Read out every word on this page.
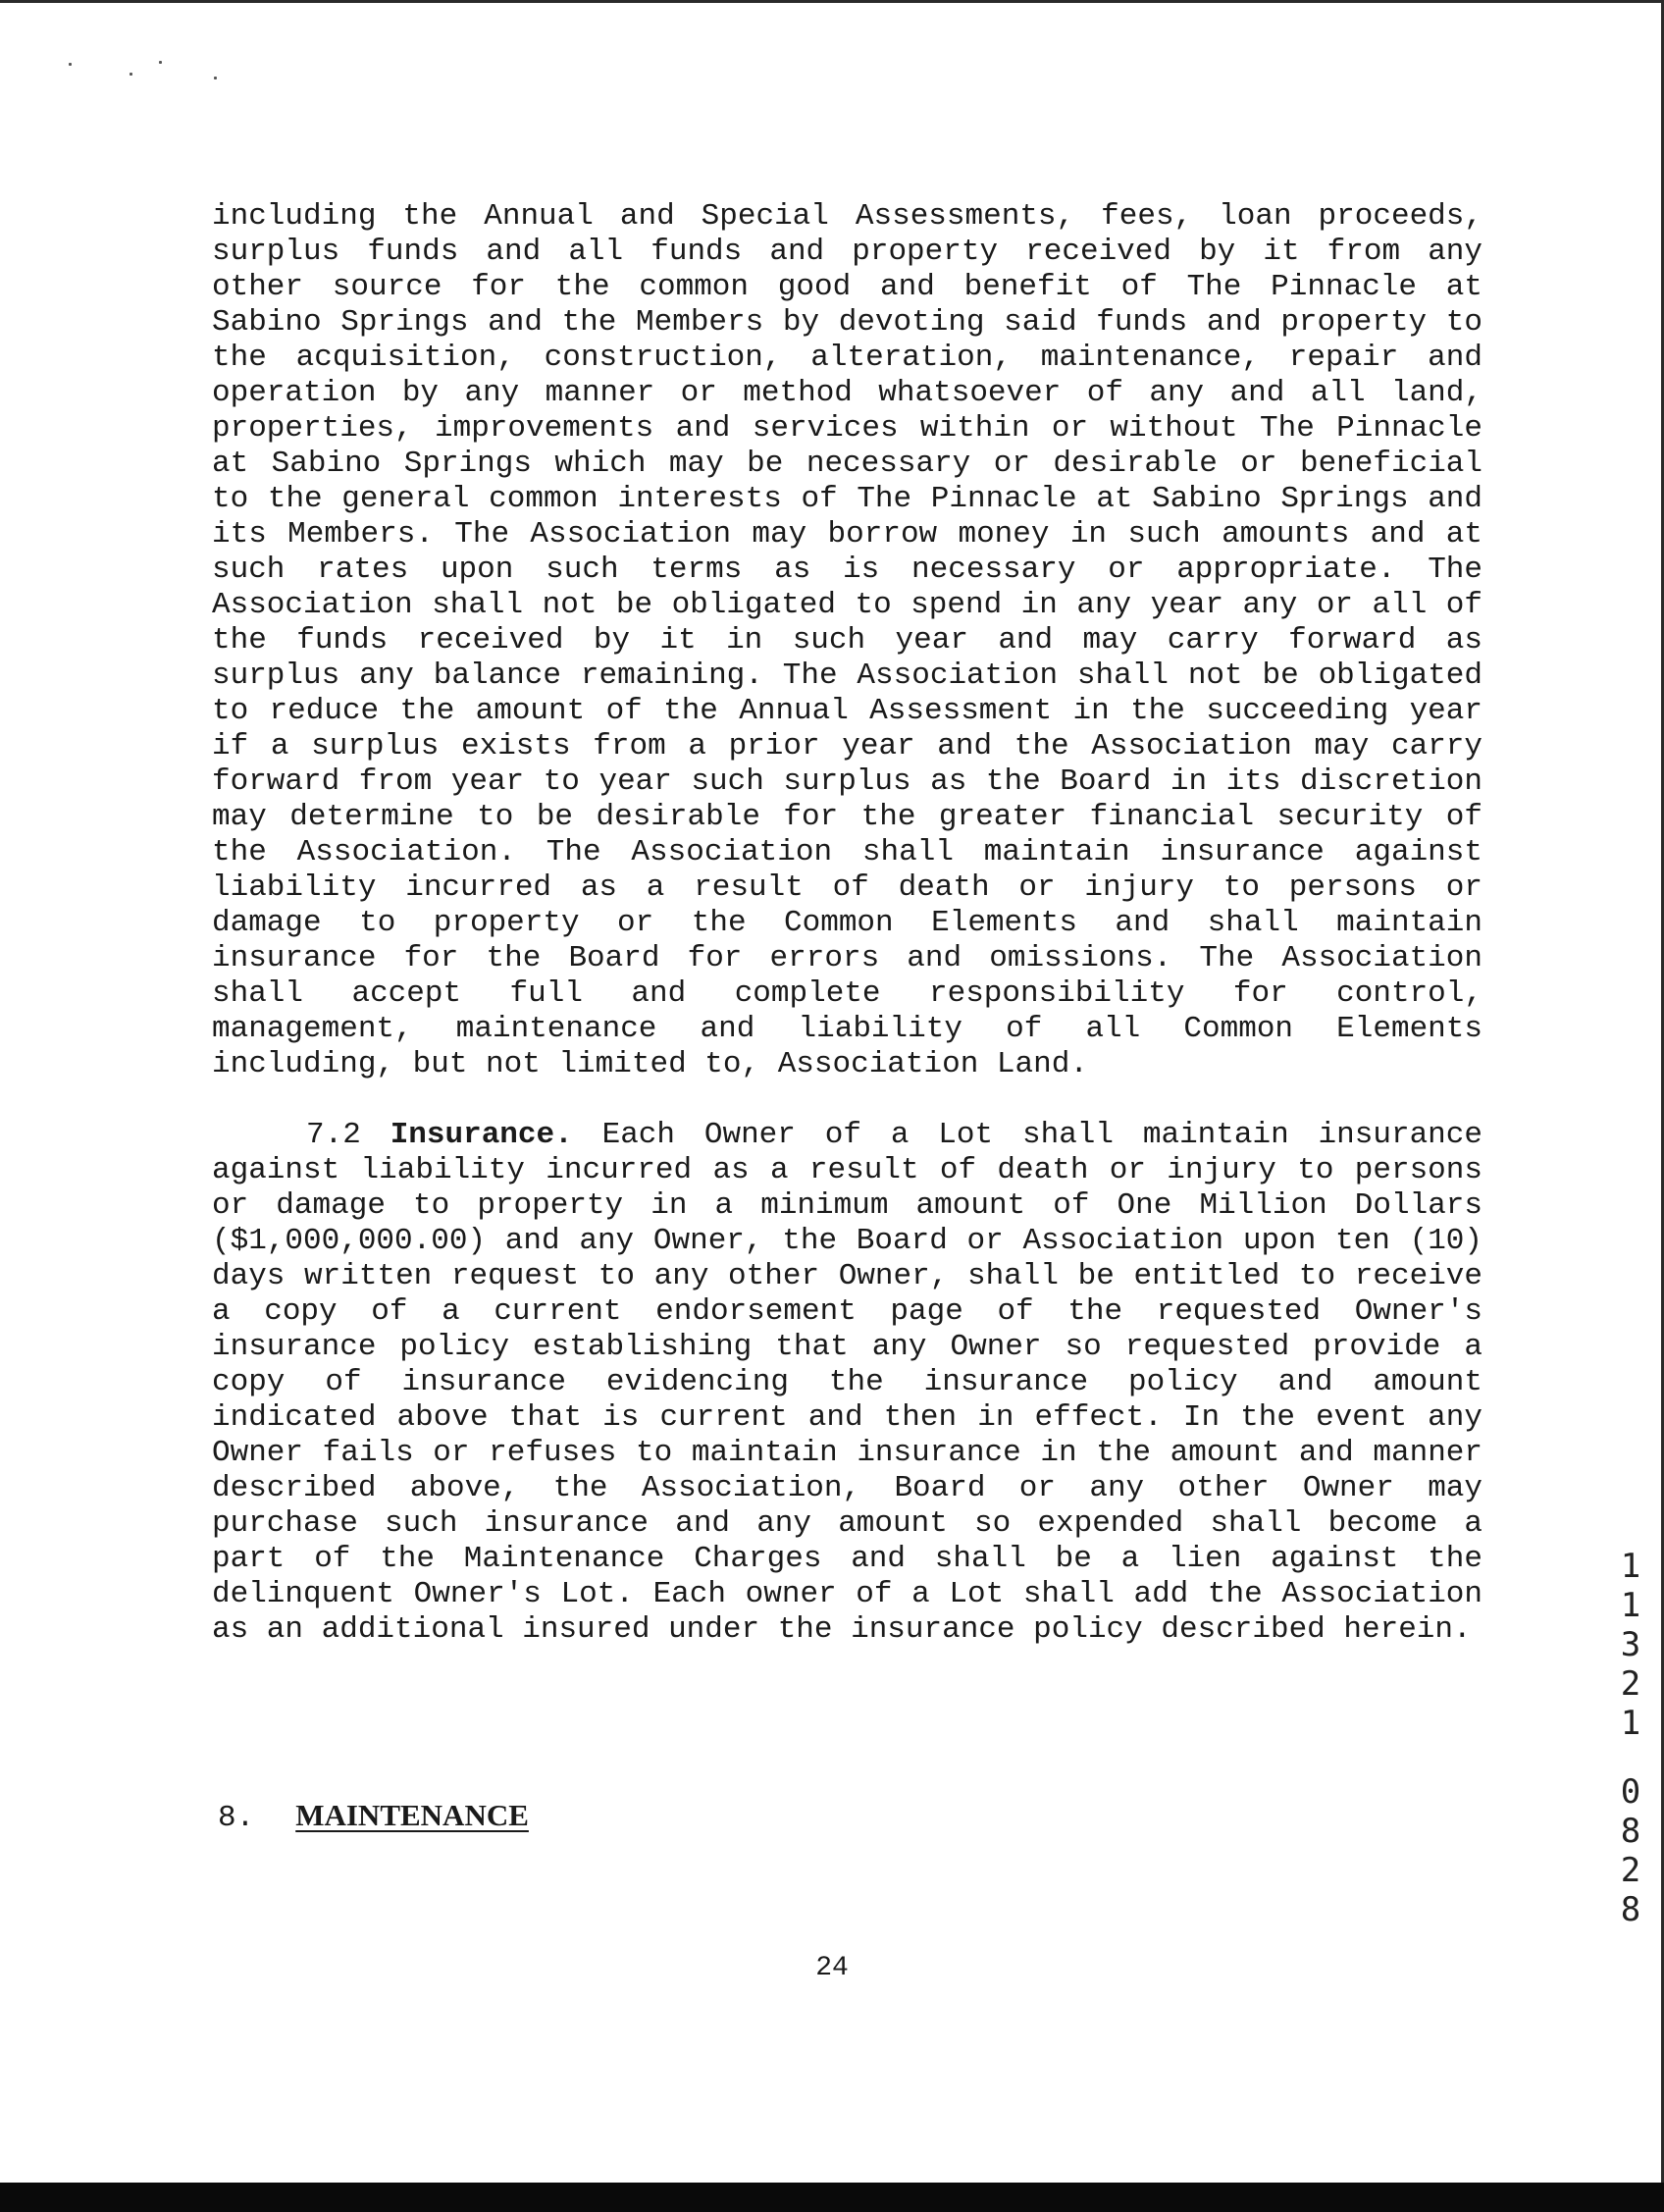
including the Annual and Special Assessments, fees, loan proceeds, surplus funds and all funds and property received by it from any other source for the common good and benefit of The Pinnacle at Sabino Springs and the Members by devoting said funds and property to the acquisition, construction, alteration, maintenance, repair and operation by any manner or method whatsoever of any and all land, properties, improvements and services within or without The Pinnacle at Sabino Springs which may be necessary or desirable or beneficial to the general common interests of The Pinnacle at Sabino Springs and its Members. The Association may borrow money in such amounts and at such rates upon such terms as is necessary or appropriate. The Association shall not be obligated to spend in any year any or all of the funds received by it in such year and may carry forward as surplus any balance remaining. The Association shall not be obligated to reduce the amount of the Annual Assessment in the succeeding year if a surplus exists from a prior year and the Association may carry forward from year to year such surplus as the Board in its discretion may determine to be desirable for the greater financial security of the Association. The Association shall maintain insurance against liability incurred as a result of death or injury to persons or damage to property or the Common Elements and shall maintain insurance for the Board for errors and omissions. The Association shall accept full and complete responsibility for control, management, maintenance and liability of all Common Elements including, but not limited to, Association Land.

7.2 Insurance. Each Owner of a Lot shall maintain insurance against liability incurred as a result of death or injury to persons or damage to property in a minimum amount of One Million Dollars ($1,000,000.00) and any Owner, the Board or Association upon ten (10) days written request to any other Owner, shall be entitled to receive a copy of a current endorsement page of the requested Owner's insurance policy establishing that any Owner so requested provide a copy of insurance evidencing the insurance policy and amount indicated above that is current and then in effect. In the event any Owner fails or refuses to maintain insurance in the amount and manner described above, the Association, Board or any other Owner may purchase such insurance and any amount so expended shall become a part of the Maintenance Charges and shall be a lien against the delinquent Owner's Lot. Each owner of a Lot shall add the Association as an additional insured under the insurance policy described herein.

8. MAINTENANCE
24
1
1
3
2
1
0
8
2
8
